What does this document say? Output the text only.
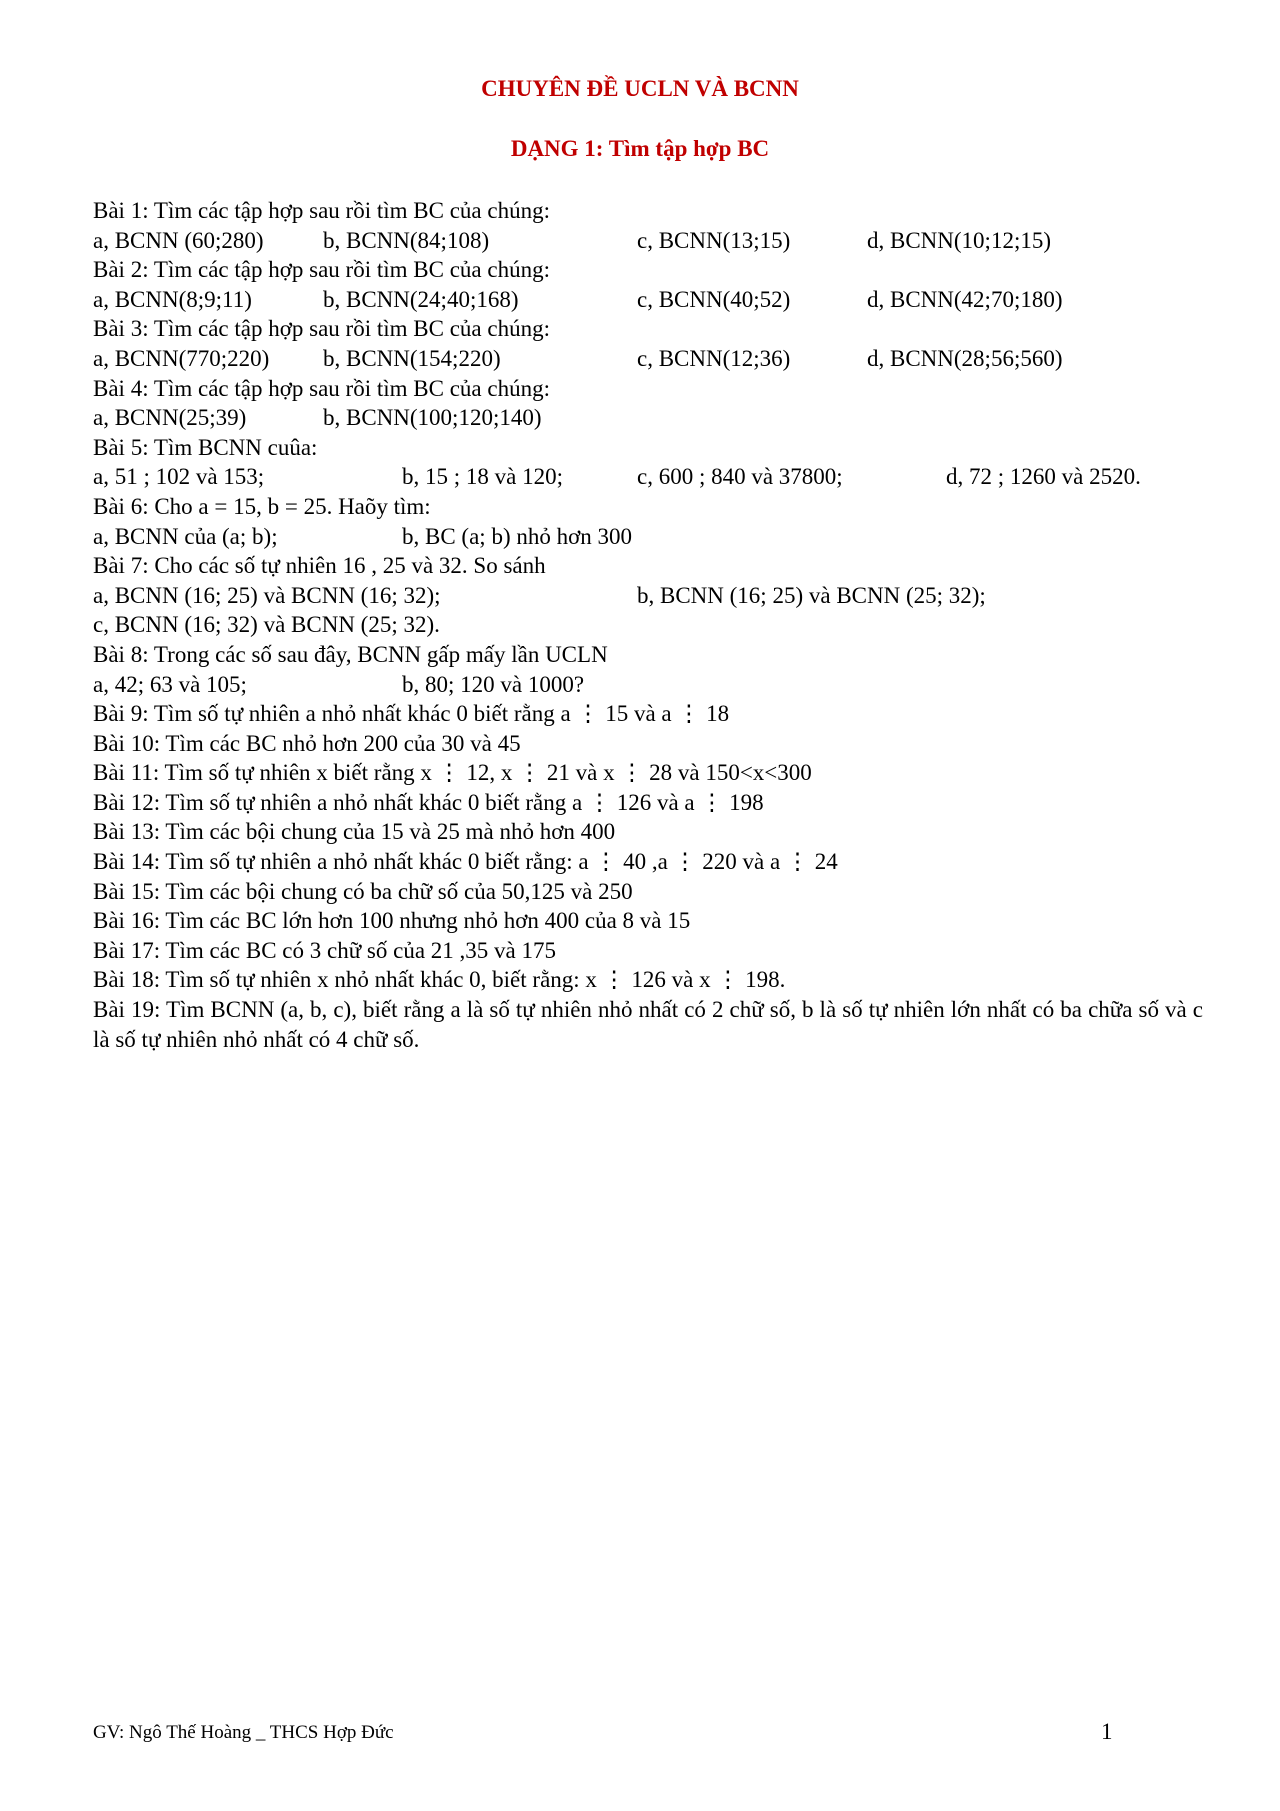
CHUYÊN ĐỀ UCLN VÀ BCNN
DẠNG 1: Tìm tập hợp BC
Bài 1: Tìm các tập hợp sau rồi tìm BC của chúng:
a, BCNN (60;280)	b, BCNN(84;108)	c, BCNN(13;15)	d, BCNN(10;12;15)
Bài 2: Tìm các tập hợp sau rồi tìm BC của chúng:
a, BCNN(8;9;11)	b, BCNN(24;40;168)	c, BCNN(40;52)	d, BCNN(42;70;180)
Bài 3: Tìm các tập hợp sau rồi tìm BC của chúng:
a, BCNN(770;220) b, BCNN(154;220)	c, BCNN(12;36)	d, BCNN(28;56;560)
Bài 4: Tìm các tập hợp sau rồi tìm BC của chúng:
a, BCNN(25;39)	b, BCNN(100;120;140)
Bài 5: Tìm BCNN cuûa:
a, 51 ; 102 và 153;	b, 15 ; 18 và 120;	c, 600 ; 840 và 37800;	d, 72 ; 1260 và 2520.
Bài 6: Cho a = 15, b = 25. Haõy tìm:
a, BCNN của (a; b);	b, BC (a; b) nhỏ hơn 300
Bài 7: Cho các số tự nhiên 16 , 25 và 32. So sánh
a, BCNN (16; 25) và BCNN (16; 32);	b, BCNN (16; 25) và BCNN (25; 32);
c, BCNN (16; 32) và BCNN (25; 32).
Bài 8: Trong các số sau đây, BCNN gấp mấy lần UCLN
a, 42; 63 và 105;	b, 80; 120 và 1000?
Bài 9: Tìm số tự nhiên a nhỏ nhất khác 0 biết rằng a ⋮ 15 và a ⋮ 18
Bài 10: Tìm các BC nhỏ hơn 200 của 30 và 45
Bài 11: Tìm số tự nhiên x biết rằng x ⋮ 12, x ⋮ 21 và x ⋮ 28 và 150<x<300
Bài 12: Tìm số tự nhiên a nhỏ nhất khác 0 biết rằng a ⋮ 126 và a ⋮ 198
Bài 13: Tìm các bội chung của 15 và 25 mà nhỏ hơn 400
Bài 14: Tìm số tự nhiên a nhỏ nhất khác 0 biết rằng: a ⋮ 40 ,a ⋮ 220 và a ⋮ 24
Bài 15: Tìm các bội chung có ba chữ số của 50,125 và 250
Bài 16: Tìm các BC lớn hơn 100 nhưng nhỏ hơn 400 của 8 và 15
Bài 17: Tìm các BC có 3 chữ số của 21 ,35 và 175
Bài 18: Tìm số tự nhiên x nhỏ nhất khác 0, biết rằng: x ⋮ 126 và x ⋮ 198.
Bài 19: Tìm BCNN (a, b, c), biết rằng a là số tự nhiên nhỏ nhất có 2 chữ số, b là số tự nhiên lớn nhất có ba chữa số và c là số tự nhiên nhỏ nhất có 4 chữ số.
GV: Ngô Thế Hoàng _ THCS Hợp Đức	1
